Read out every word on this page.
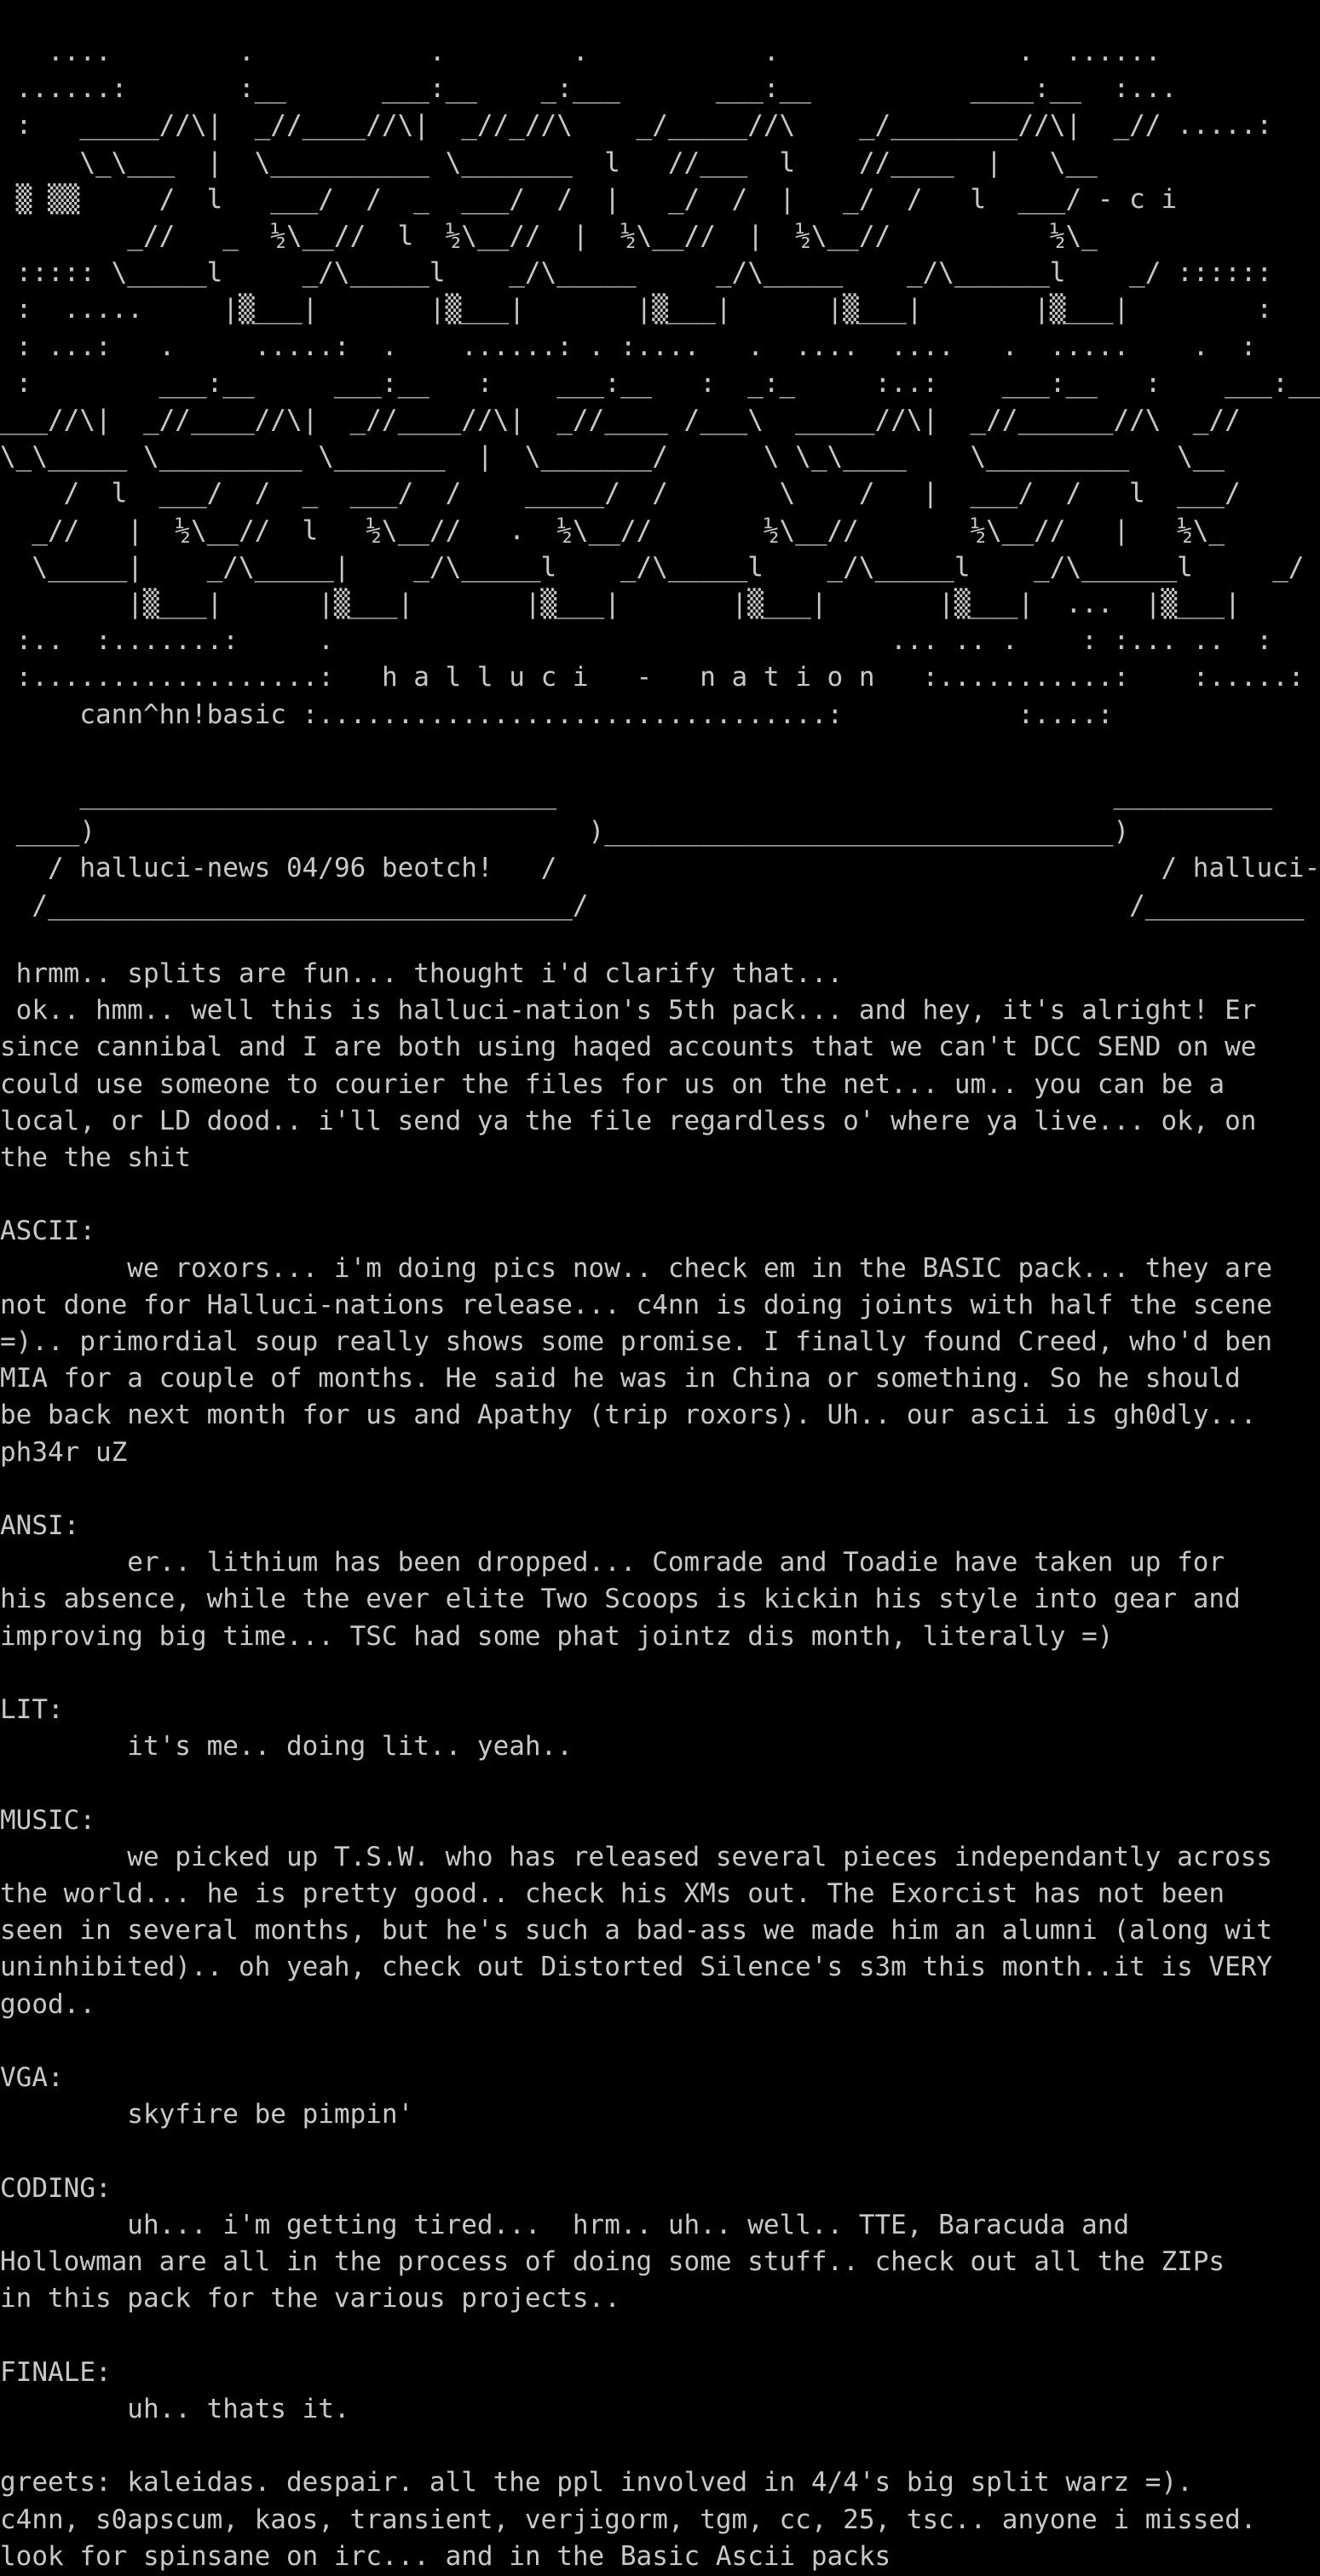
....        .           .        .           .               .  ......
......:       :__      ___:__    _:___      ___:__          ____:__  :...
:   _____//\|  _//____//\|  _//_//\    _/_____//\    _/________//\|  _// .....:
\_\___  |  \__________ \_______  l   //___  l    //____  |   \__
▒ ▒▒     /  l   ___/  /  _  ___/  /  |   _/  /  |   _/  /   l  ___/ - c i
_//   _  ½\__//  l  ½\__//  |  ½\__//  |  ½\__//          ½\_
::::: \_____l     _/\_____l    _/\_____     _/\_____    _/\______l    _/ ::::::
:  .....     |▒___|       |▒___|       |▒___|      |▒___|       |▒___|        :
: ...:   .     .....:  .    ......: . :....   .  ....  ....   .  .....    .  :
:        ___:__     ___:__   :    ___:__   :  _:_     :..:    ___:__   :    ___:__
___//\|  _//____//\|  _//____//\|  _//____ /___\  _____//\|  _//______//\  _//
\_\_____ \_________ \_______  |  \_______/      \ \_\____    \_________   \__
/  l  ___/  /  _  ___/  /    _____/  /       \    /   |  ___/  /   l  ___/
_//   |  ½\__//  l   ½\__//   .  ½\__//       ½\__//       ½\__//   |   ½\_
\_____|    _/\_____|    _/\_____l    _/\_____l    _/\_____l    _/\______l     _/
|▒___|      |▒___|       |▒___|       |▒___|       |▒___|  ...  |▒___|
:..  :.......:     .                                   ... .. .    : :... ..  :
:..................:   h a l l u c i   -   n a t i o n   :...........:    :.....:
cann^hn!basic :................................:           :....:
______________________________                                   __________
____)                               )________________________________)
/ halluci-news 04/96 beotch!   /                                      / halluci-
/_________________________________/                                  /__________
hrmm.. splits are fun... thought i'd clarify that...
ok.. hmm.. well this is halluci-nation's 5th pack... and hey, it's alright! Er
since cannibal and I are both using haqed accounts that we can't DCC SEND on we
could use someone to courier the files for us on the net... um.. you can be a
local, or LD dood.. i'll send ya the file regardless o' where ya live... ok, on
the the shit

ASCII:
we roxors... i'm doing pics now.. check em in the BASIC pack... they are
not done for Halluci-nations release... c4nn is doing joints with half the scene
=).. primordial soup really shows some promise. I finally found Creed, who'd ben
MIA for a couple of months. He said he was in China or something. So he should
be back next month for us and Apathy (trip roxors). Uh.. our ascii is gh0dly...
ph34r uZ

ANSI:
er.. lithium has been dropped... Comrade and Toadie have taken up for
his absence, while the ever elite Two Scoops is kickin his style into gear and
improving big time... TSC had some phat jointz dis month, literally =)

LIT:
it's me.. doing lit.. yeah..

MUSIC:
we picked up T.S.W. who has released several pieces independantly across
the world... he is pretty good.. check his XMs out. The Exorcist has not been
seen in several months, but he's such a bad-ass we made him an alumni (along wit
uninhibited).. oh yeah, check out Distorted Silence's s3m this month..it is VERY
good..

VGA:
skyfire be pimpin'

CODING:
uh... i'm getting tired...  hrm.. uh.. well.. TTE, Baracuda and
Hollowman are all in the process of doing some stuff.. check out all the ZIPs
in this pack for the various projects..

FINALE:
uh.. thats it.

greets: kaleidas. despair. all the ppl involved in 4/4's big split warz =).
c4nn, s0apscum, kaos, transient, verjigorm, tgm, cc, 25, tsc.. anyone i missed.
look for spinsane on irc... and in the Basic Ascii packs
